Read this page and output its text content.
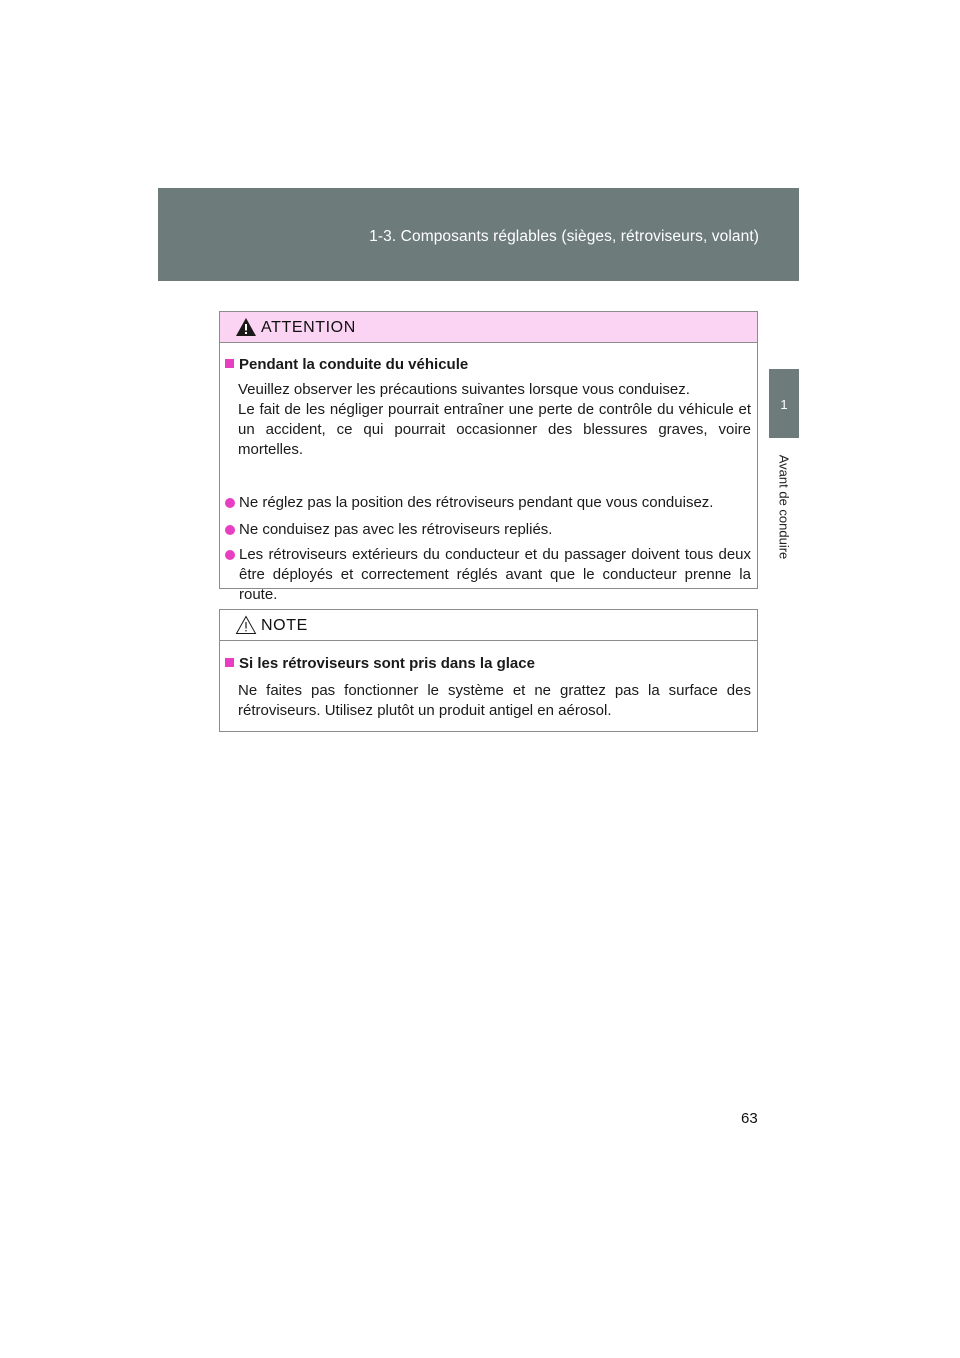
1-3. Composants réglables (sièges, rétroviseurs, volant)
1
Avant de conduire
ATTENTION
Pendant la conduite du véhicule
Veuillez observer les précautions suivantes lorsque vous conduisez.
Le fait de les négliger pourrait entraîner une perte de contrôle du véhicule et un accident, ce qui pourrait occasionner des blessures graves, voire mortelles.
Ne réglez pas la position des rétroviseurs pendant que vous conduisez.
Ne conduisez pas avec les rétroviseurs repliés.
Les rétroviseurs extérieurs du conducteur et du passager doivent tous deux être déployés et correctement réglés avant que le conducteur prenne la route.
NOTE
Si les rétroviseurs sont pris dans la glace
Ne faites pas fonctionner le système et ne grattez pas la surface des rétroviseurs. Utilisez plutôt un produit antigel en aérosol.
63
